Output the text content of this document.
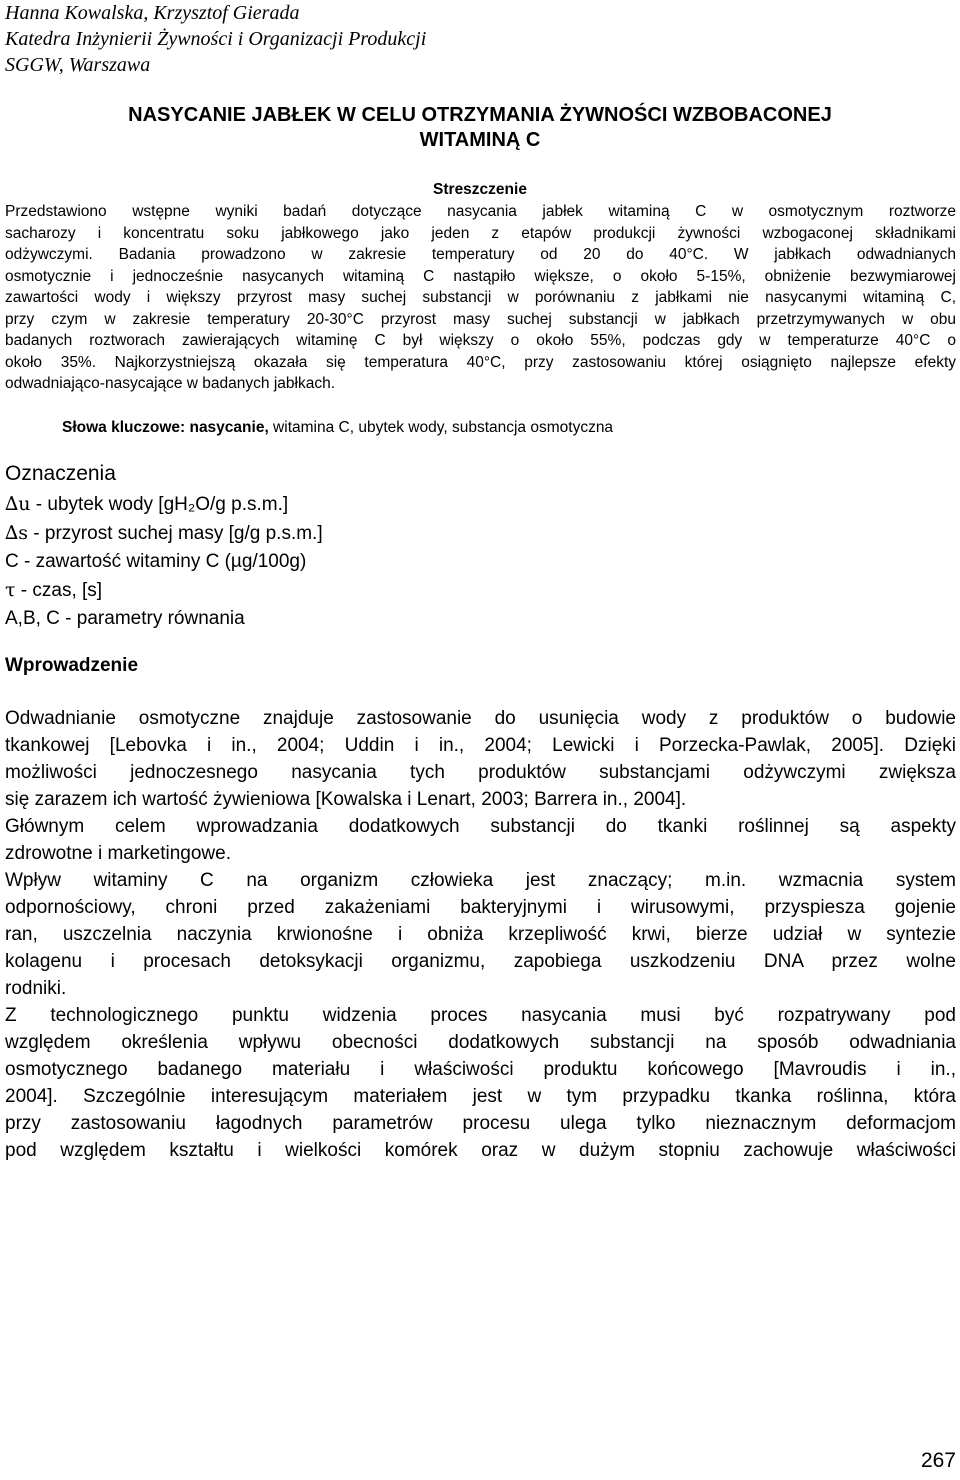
Hanna Kowalska, Krzysztof Gierada
Katedra Inżynierii Żywności i Organizacji Produkcji
SGGW, Warszawa
NASYCANIE JABŁEK W CELU OTRZYMANIA ŻYWNOŚCI WZBOBACONEJ
WITAMINĄ C
Streszczenie
Przedstawiono wstępne wyniki badań dotyczące nasycania jabłek witaminą C w osmotycznym roztworze
sacharozy i koncentratu soku jabłkowego jako jeden z etapów produkcji żywności wzbogaconej składnikami
odżywczymi. Badania prowadzono w zakresie temperatury od 20 do 40°C. W jabłkach odwadnianych
osmotycznie i jednocześnie nasycanych witaminą C nastąpiło większe, o około 5-15%, obniżenie bezwymiarowej
zawartości wody i większy przyrost masy suchej substancji w porównaniu z jabłkami nie nasycanymi witaminą C,
przy czym w zakresie temperatury 20-30°C przyrost masy suchej substancji w jabłkach przetrzymywanych w obu
badanych roztworach zawierających witaminę C był większy o około 55%, podczas gdy w temperaturze 40°C o
około 35%. Najkorzystniejszą okazała się temperatura 40°C, przy zastosowaniu której osiągnięto najlepsze efekty
odwadniająco-nasycające w badanych jabłkach.
Słowa kluczowe: nasycanie, witamina C, ubytek wody, substancja osmotyczna
Oznaczenia
∆u - ubytek wody [gH₂O/g p.s.m.]
∆s - przyrost suchej masy [g/g p.s.m.]
C - zawartość witaminy C (µg/100g)
τ - czas, [s]
A,B, C - parametry równania
Wprowadzenie
Odwadnianie osmotyczne znajduje zastosowanie do usunięcia wody z produktów o budowie
tkankowej [Lebovka i in., 2004; Uddin i in., 2004; Lewicki i Porzecka-Pawlak, 2005]. Dzięki
możliwości jednoczesnego nasycania tych produktów substancjami odżywczymi zwiększa
się zarazem ich wartość żywieniowa [Kowalska i Lenart, 2003; Barrera in., 2004].
Głównym celem wprowadzania dodatkowych substancji do tkanki roślinnej są aspekty
zdrowotne i marketingowe.
Wpływ witaminy C na organizm człowieka jest znaczący; m.in. wzmacnia system
odpornościowy, chroni przed zakażeniami bakteryjnymi i wirusowymi, przyspiesza gojenie
ran, uszczelnia naczynia krwionośne i obniża krzepliwość krwi, bierze udział w syntezie
kolagenu i procesach detoksykacji organizmu, zapobiega uszkodzeniu DNA przez wolne
rodniki.
Z technologicznego punktu widzenia proces nasycania musi być rozpatrywany pod
względem określenia wpływu obecności dodatkowych substancji na sposób odwadniania
osmotycznego badanego materiału i właściwości produktu końcowego [Mavroudis i in.,
2004]. Szczególnie interesującym materiałem jest w tym przypadku tkanka roślinna, która
przy zastosowaniu łagodnych parametrów procesu ulega tylko nieznacznym deformacjom
pod względem kształtu i wielkości komórek oraz w dużym stopniu zachowuje właściwości
267
